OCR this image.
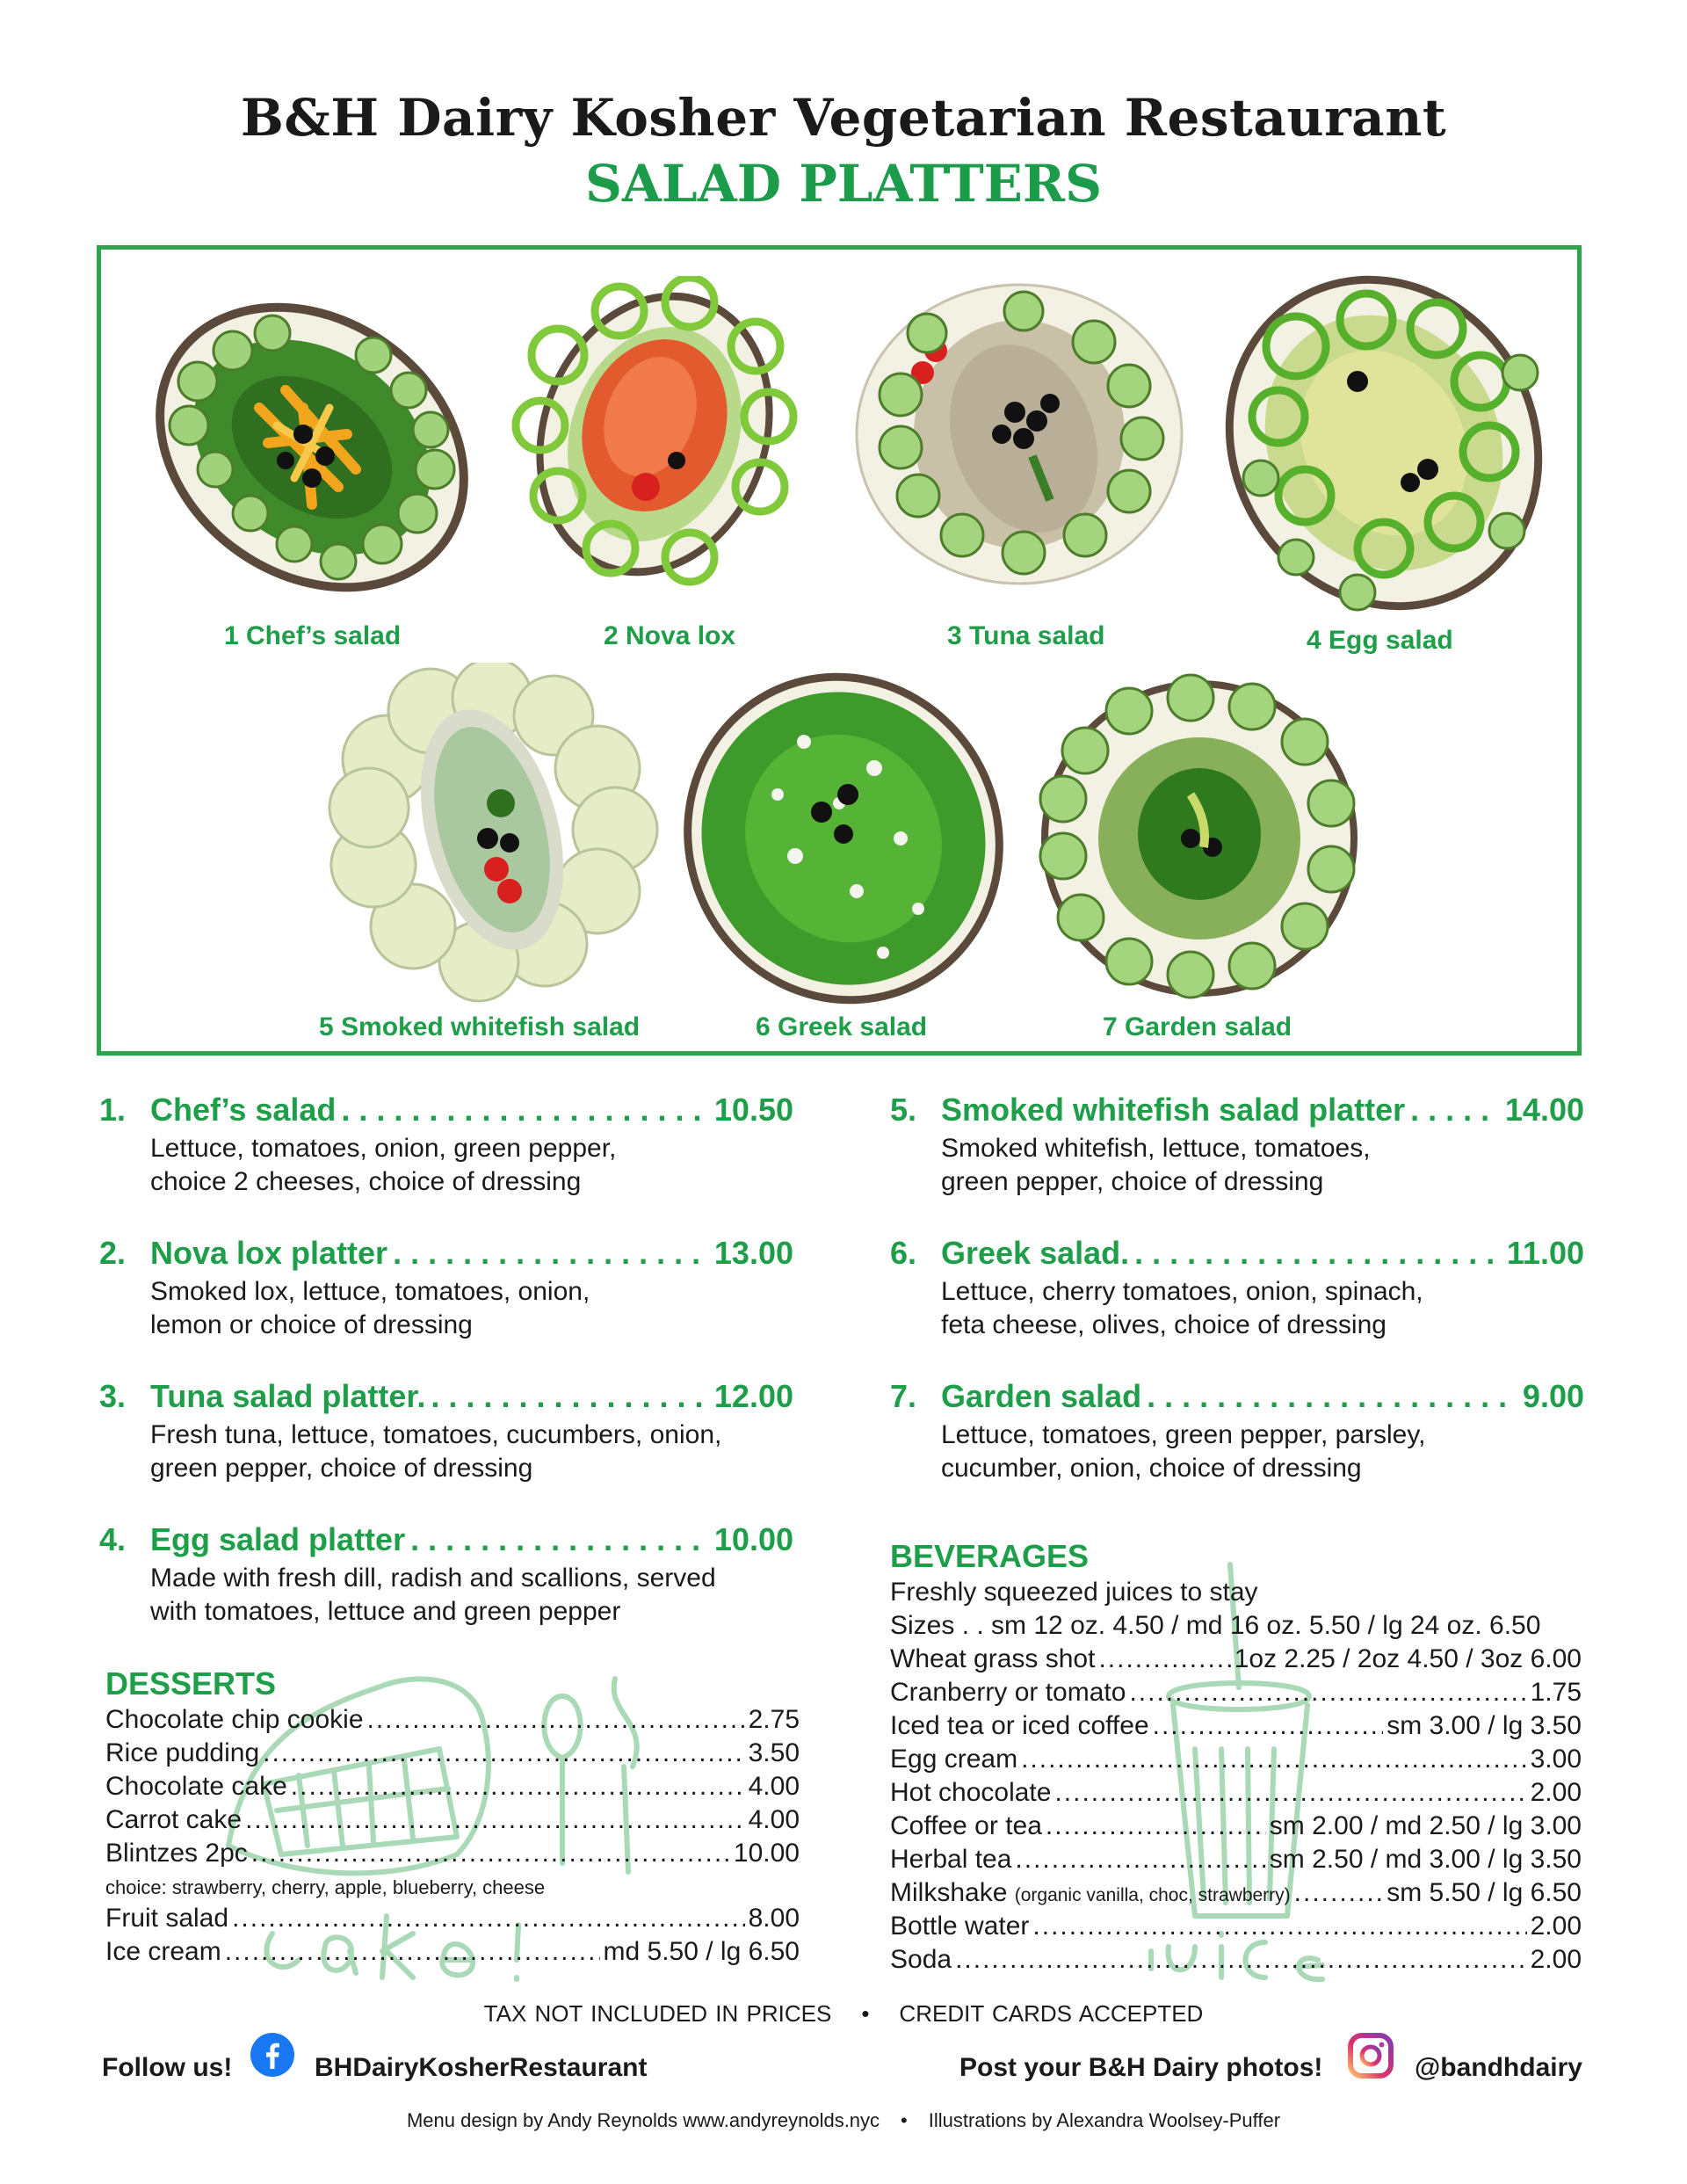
B&H Dairy Kosher Vegetarian Restaurant
SALAD PLATTERS
1 Chef’s salad	2 Nova lox	3 Tuna salad	4 Egg salad
5 Smoked whitefish salad	6 Greek salad	7 Garden salad
1. Chef’s salad . . .	10.50
Lettuce, tomatoes, onion, green pepper,
choice 2 cheeses, choice of dressing
2. Nova lox platter . . .	13.00
Smoked lox, lettuce, tomatoes, onion,
lemon or choice of dressing
3. Tuna salad platter. . . .	12.00
Fresh tuna, lettuce, tomatoes, cucumbers, onion,
green pepper, choice of dressing
4. Egg salad platter . . .	10.00
Made with fresh dill, radish and scallions, served
with tomatoes, lettuce and green pepper
5. Smoked whitefish salad platter . . .	14.00
Smoked whitefish, lettuce, tomatoes,
green pepper, choice of dressing
6. Greek salad. . . .	11.00
Lettuce, cherry tomatoes, onion, spinach,
feta cheese, olives, choice of dressing
7. Garden salad . . .	9.00
Lettuce, tomatoes, green pepper, parsley,
cucumber, onion, choice of dressing
DESSERTS
Chocolate chip cookie .....	2.75
Rice pudding .....	3.50
Chocolate cake .....	4.00
Carrot cake .....	4.00
Blintzes 2pc .....	10.00
choice: strawberry, cherry, apple, blueberry, cheese
Fruit salad .....	8.00
Ice cream .....	md 5.50 / lg 6.50
BEVERAGES
Freshly squeezed juices to stay
Sizes . . sm 12 oz. 4.50 / md 16 oz. 5.50 / lg 24 oz. 6.50
Wheat grass shot .....	1oz 2.25 / 2oz 4.50 / 3oz 6.00
Cranberry or tomato .....	1.75
Iced tea or iced coffee .....	sm 3.00 / lg 3.50
Egg cream .....	3.00
Hot chocolate .....	2.00
Coffee or tea .....	sm 2.00 / md 2.50 / lg 3.00
Herbal tea .....	sm 2.50 / md 3.00 / lg 3.50
Milkshake (organic vanilla, choc, strawberry) .....	sm 5.50 / lg 6.50
Bottle water .....	2.00
Soda .....	2.00
TAX NOT INCLUDED IN PRICES • CREDIT CARDS ACCEPTED
Follow us!	BHDairyKosherRestaurant	Post your B&H Dairy photos!	@bandhdairy
Menu design by Andy Reynolds www.andyreynolds.nyc • Illustrations by Alexandra Woolsey-Puffer
